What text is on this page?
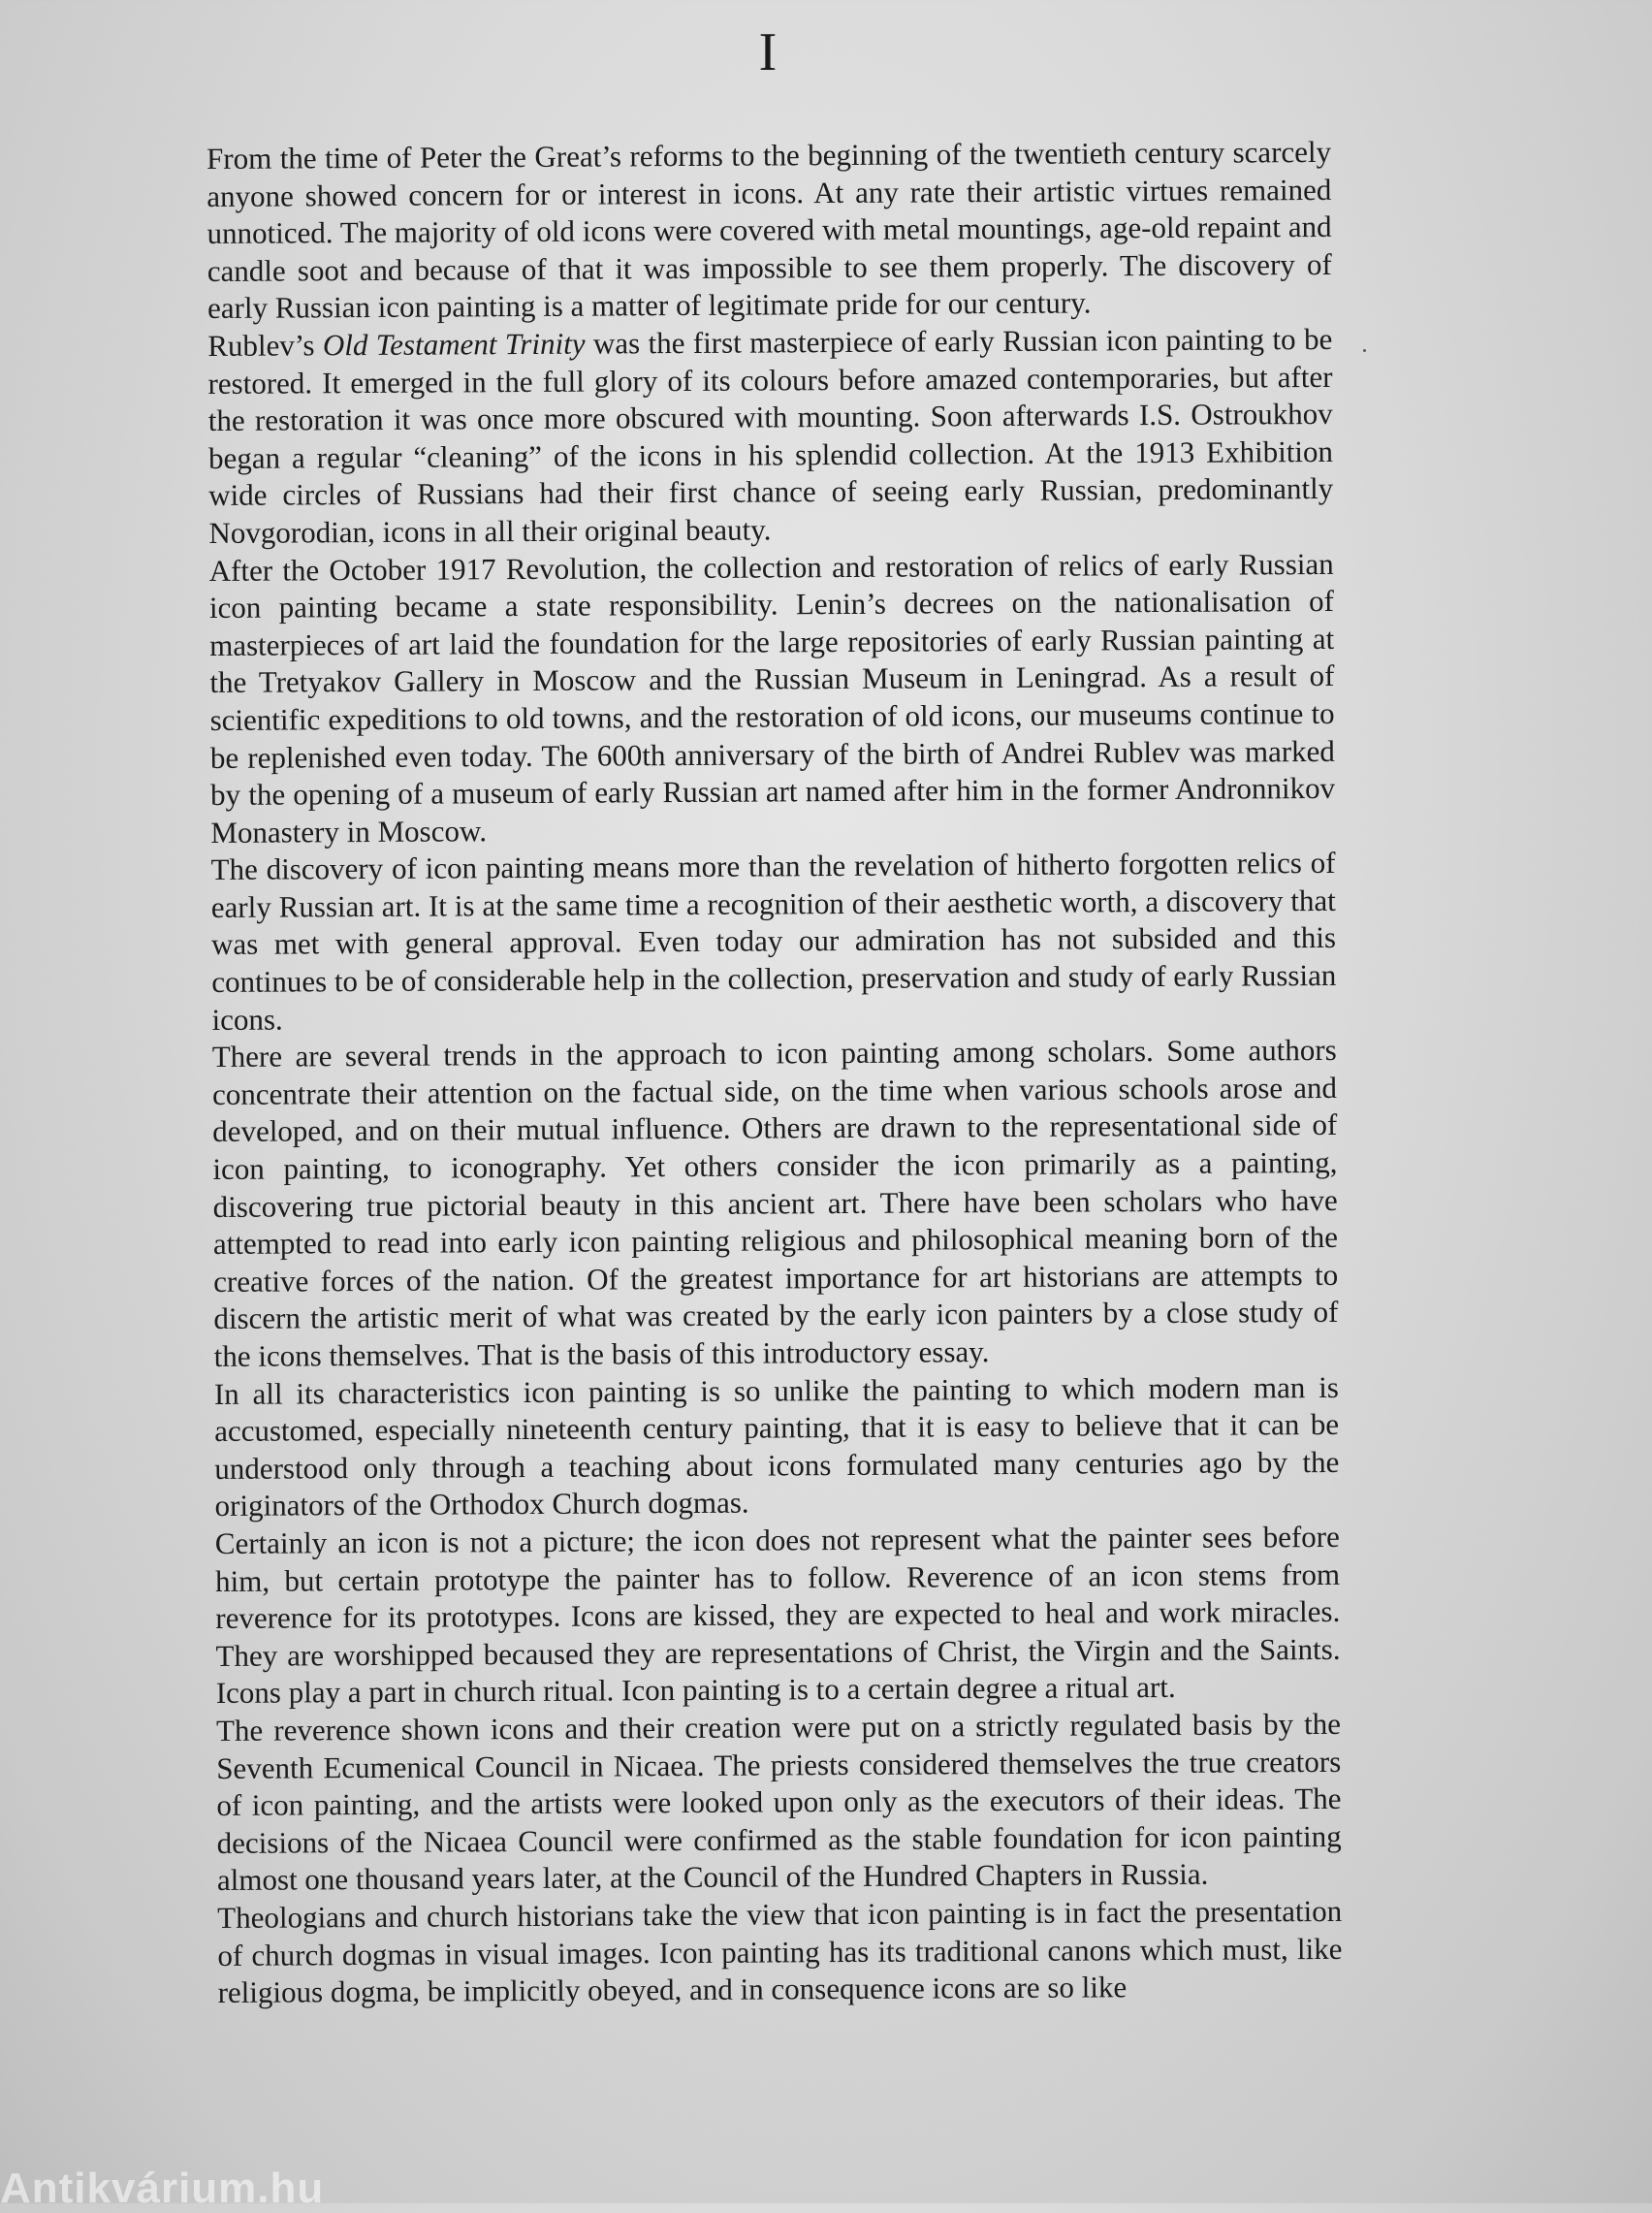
I

From the time of Peter the Great’s reforms to the beginning of the twentieth century scarcely anyone showed concern for or interest in icons. At any rate their artistic virtues remained unnoticed. The majority of old icons were covered with metal mountings, age-old repaint and candle soot and because of that it was impossible to see them properly. The discovery of early Russian icon painting is a matter of legitimate pride for our century.

Rublev’s Old Testament Trinity was the first masterpiece of early Russian icon painting to be restored. It emerged in the full glory of its colours before amazed contemporaries, but after the restoration it was once more obscured with mounting. Soon afterwards I.S. Ostroukhov began a regular “cleaning” of the icons in his splendid collection. At the 1913 Exhibition wide circles of Russians had their first chance of seeing early Russian, predominantly Novgorodian, icons in all their original beauty.

After the October 1917 Revolution, the collection and restoration of relics of early Russian icon painting became a state responsibility. Lenin’s decrees on the nationalisation of masterpieces of art laid the foundation for the large repositories of early Russian painting at the Tretyakov Gallery in Moscow and the Russian Museum in Leningrad. As a result of scientific expeditions to old towns, and the restoration of old icons, our museums continue to be replenished even today. The 600th anniversary of the birth of Andrei Rublev was marked by the opening of a museum of early Russian art named after him in the former Andronnikov Monastery in Moscow.

The discovery of icon painting means more than the revelation of hitherto forgotten relics of early Russian art. It is at the same time a recognition of their aesthetic worth, a discovery that was met with general approval. Even today our admiration has not subsided and this continues to be of considerable help in the collection, preservation and study of early Russian icons.

There are several trends in the approach to icon painting among scholars. Some authors concentrate their attention on the factual side, on the time when various schools arose and developed, and on their mutual influence. Others are drawn to the representational side of icon painting, to iconography. Yet others consider the icon primarily as a painting, discovering true pictorial beauty in this ancient art. There have been scholars who have attempted to read into early icon painting religious and philosophical meaning born of the creative forces of the nation. Of the greatest importance for art historians are attempts to discern the artistic merit of what was created by the early icon painters by a close study of the icons themselves. That is the basis of this introductory essay.

In all its characteristics icon painting is so unlike the painting to which modern man is accustomed, especially nineteenth century painting, that it is easy to believe that it can be understood only through a teaching about icons formulated many centuries ago by the originators of the Orthodox Church dogmas.

Certainly an icon is not a picture; the icon does not represent what the painter sees before him, but certain prototype the painter has to follow. Reverence of an icon stems from reverence for its prototypes. Icons are kissed, they are expected to heal and work miracles. They are worshipped becaused they are representations of Christ, the Virgin and the Saints. Icons play a part in church ritual. Icon painting is to a certain degree a ritual art.

The reverence shown icons and their creation were put on a strictly regulated basis by the Seventh Ecumenical Council in Nicaea. The priests considered themselves the true creators of icon painting, and the artists were looked upon only as the executors of their ideas. The decisions of the Nicaea Council were confirmed as the stable foundation for icon painting almost one thousand years later, at the Council of the Hundred Chapters in Russia.

Theologians and church historians take the view that icon painting is in fact the presentation of church dogmas in visual images. Icon painting has its traditional canons which must, like religious dogma, be implicitly obeyed, and in consequence icons are so like

Antikvárium.hu
